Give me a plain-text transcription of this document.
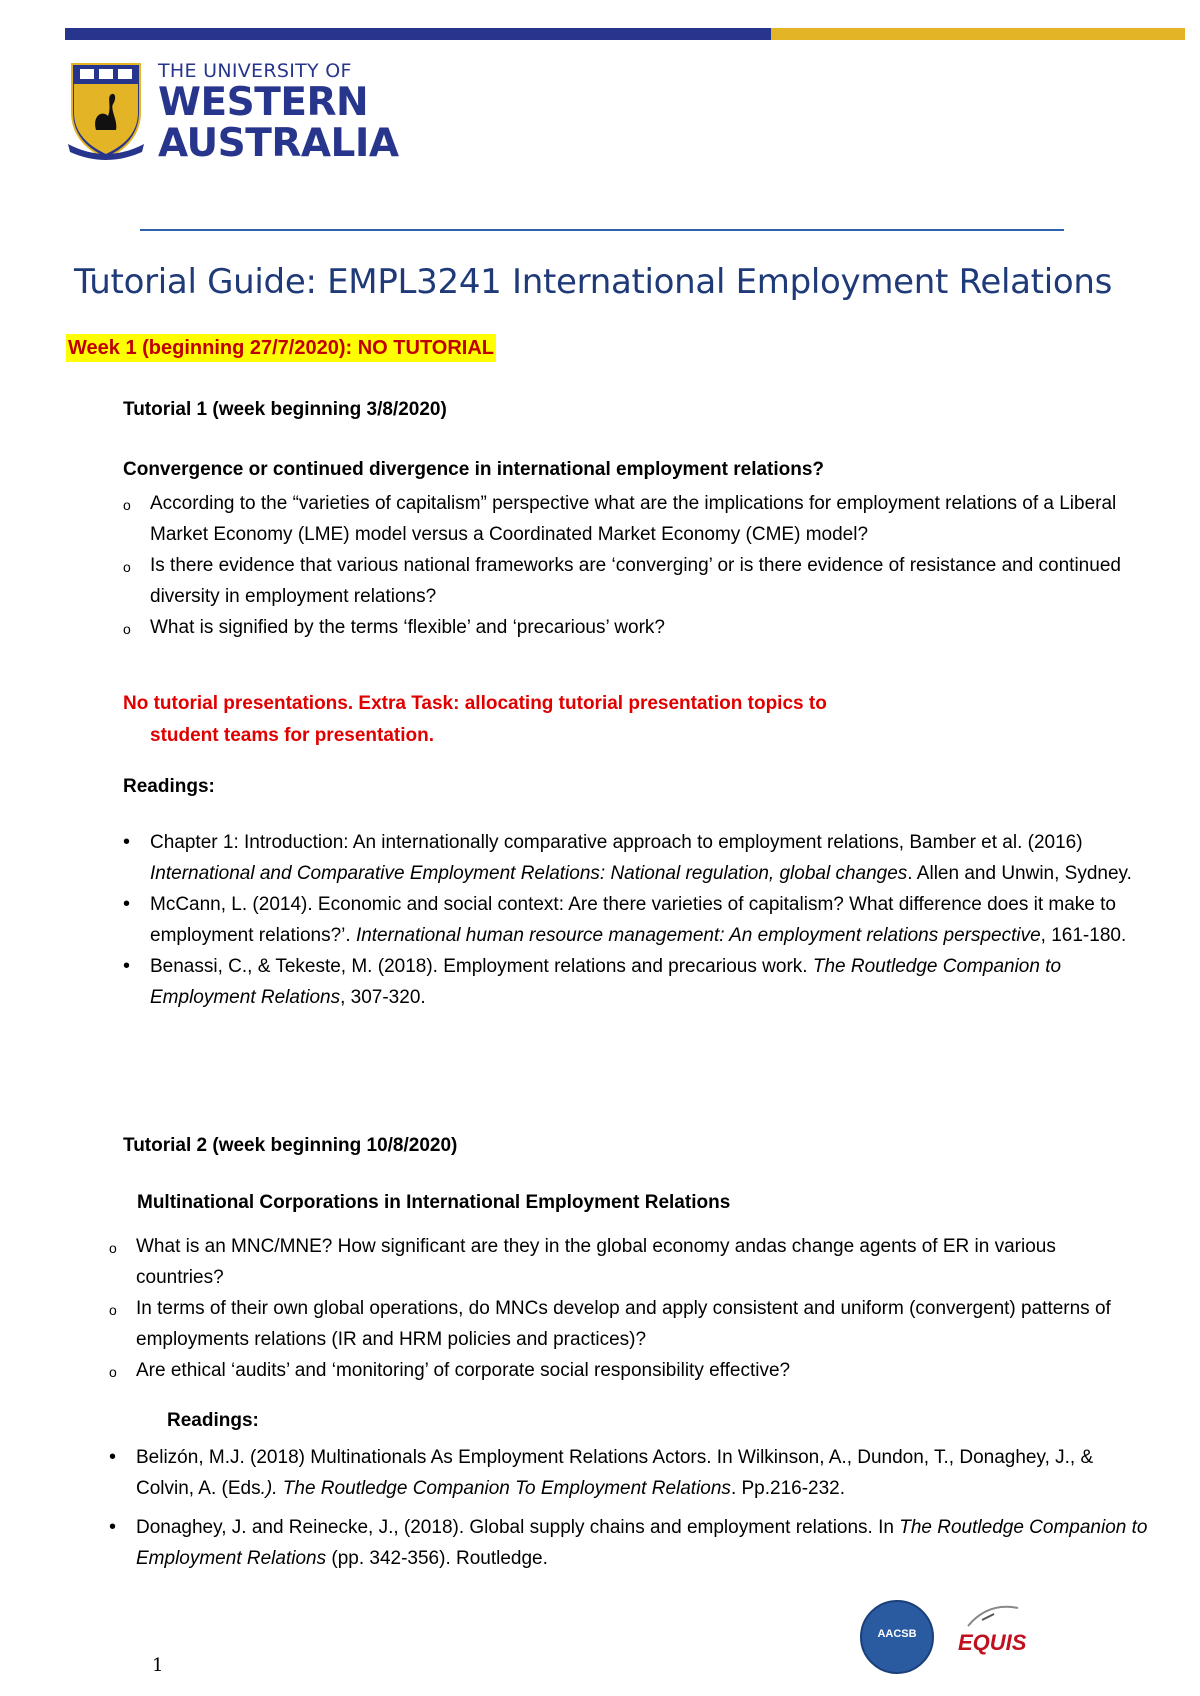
THE UNIVERSITY OF
WESTERN
AUSTRALIA
Tutorial Guide: EMPL3241 International Employment Relations
Week 1 (beginning 27/7/2020): NO TUTORIAL
Tutorial 1 (week beginning 3/8/2020)
Convergence or continued divergence in international employment relations?
o According to the “varieties of capitalism” perspective what are the implications for employment relations of a Liberal Market Economy (LME) model versus a Coordinated Market Economy (CME) model?
o Is there evidence that various national frameworks are ‘converging’ or is there evidence of resistance and continued diversity in employment relations?
o What is signified by the terms ‘flexible’ and ‘precarious’ work?
No tutorial presentations. Extra Task: allocating tutorial presentation topics to
student teams for presentation.
Readings:
• Chapter 1: Introduction: An internationally comparative approach to employment relations, Bamber et al. (2016) International and Comparative Employment Relations: National regulation, global changes. Allen and Unwin, Sydney.
• McCann, L. (2014). Economic and social context: Are there varieties of capitalism? What difference does it make to employment relations?’. International human resource management: An employment relations perspective, 161-180.
• Benassi, C., & Tekeste, M. (2018). Employment relations and precarious work. The Routledge Companion to Employment Relations, 307-320.
Tutorial 2 (week beginning 10/8/2020)
Multinational Corporations in International Employment Relations
o What is an MNC/MNE? How significant are they in the global economy andas change agents of ER in various countries?
o In terms of their own global operations, do MNCs develop and apply consistent and uniform (convergent) patterns of employments relations (IR and HRM policies and practices)?
o Are ethical ‘audits’ and ‘monitoring’ of corporate social responsibility effective?
Readings:
• Belizón, M.J. (2018) Multinationals As Employment Relations Actors. In Wilkinson, A., Dundon, T., Donaghey, J., & Colvin, A. (Eds.). The Routledge Companion To Employment Relations. Pp.216-232.
• Donaghey, J. and Reinecke, J., (2018). Global supply chains and employment relations. In The Routledge Companion to Employment Relations (pp. 342-356). Routledge.
AACSB	EQUIS
1
